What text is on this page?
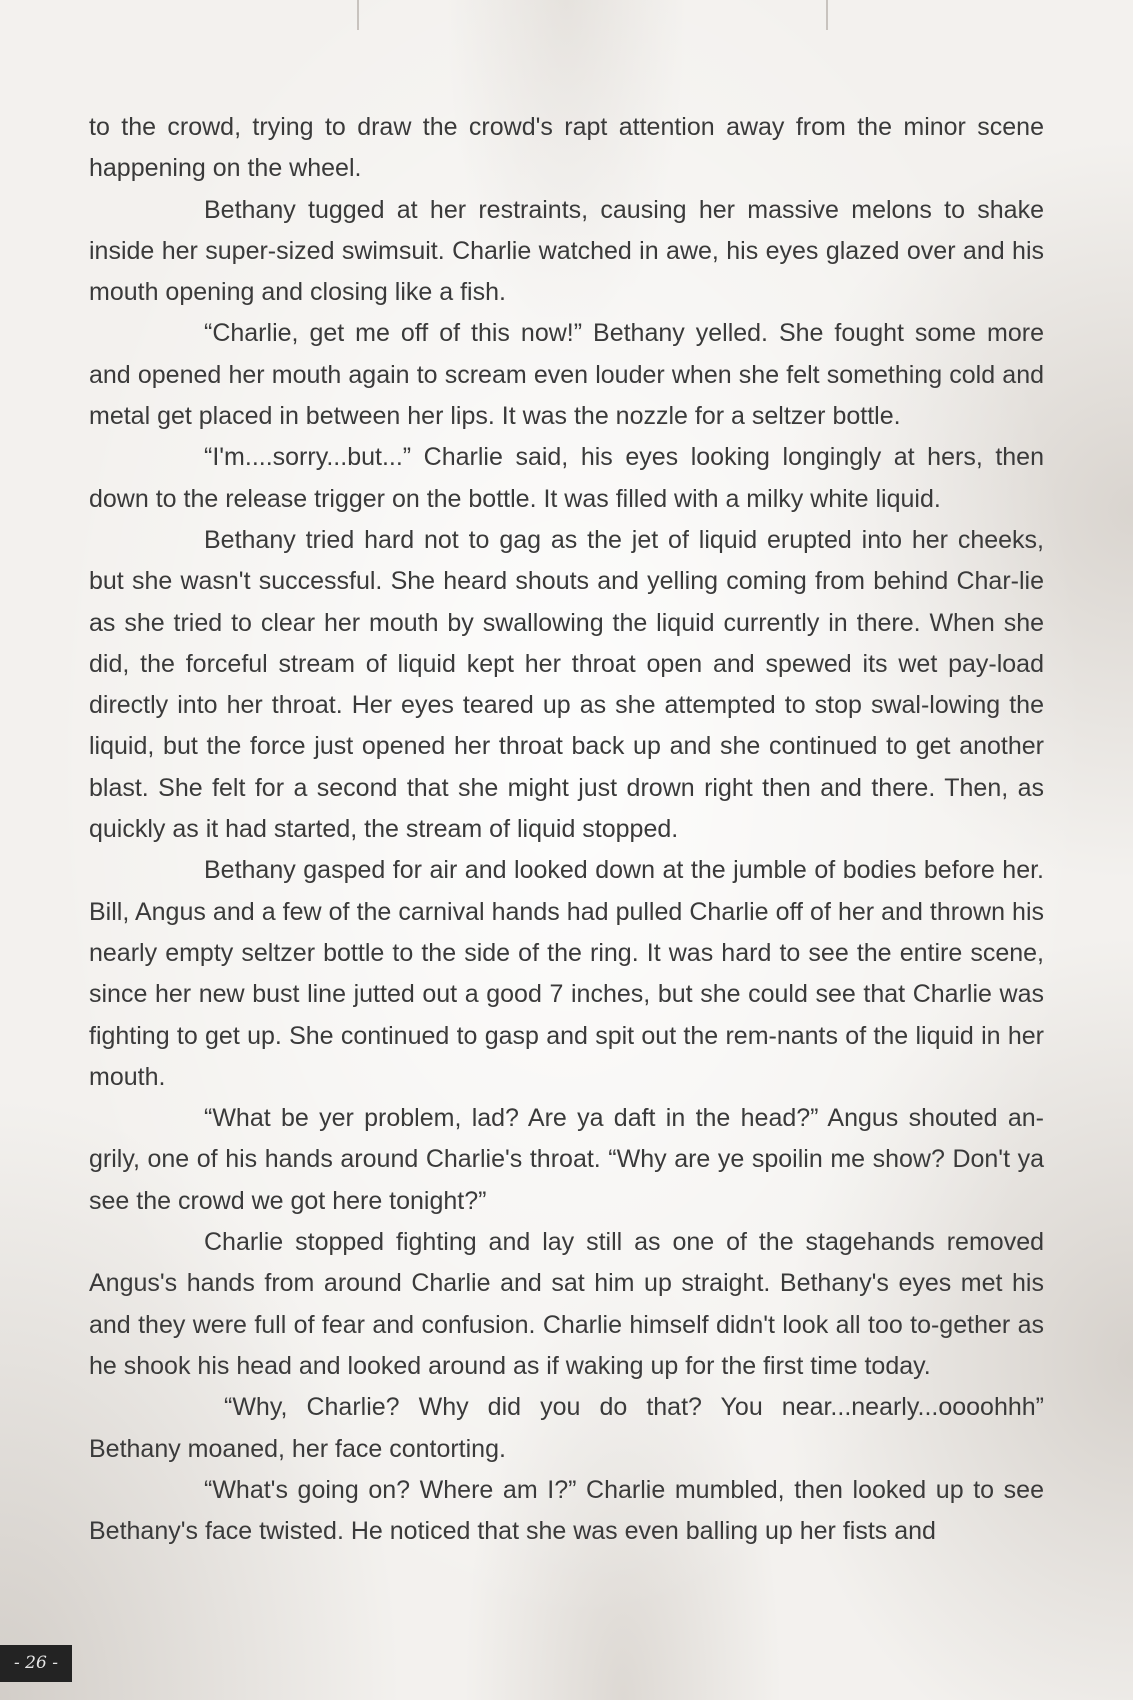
to the crowd, trying to draw the crowd's rapt attention away from the minor scene happening on the wheel.

Bethany tugged at her restraints, causing her massive melons to shake inside her super-sized swimsuit. Charlie watched in awe, his eyes glazed over and his mouth opening and closing like a fish.

“Charlie, get me off of this now!” Bethany yelled. She fought some more and opened her mouth again to scream even louder when she felt something cold and metal get placed in between her lips. It was the nozzle for a seltzer bottle.

“I'm....sorry...but...” Charlie said, his eyes looking longingly at hers, then down to the release trigger on the bottle. It was filled with a milky white liquid.

Bethany tried hard not to gag as the jet of liquid erupted into her cheeks, but she wasn't successful. She heard shouts and yelling coming from behind Char-lie as she tried to clear her mouth by swallowing the liquid currently in there. When she did, the forceful stream of liquid kept her throat open and spewed its wet pay-load directly into her throat. Her eyes teared up as she attempted to stop swal-lowing the liquid, but the force just opened her throat back up and she continued to get another blast. She felt for a second that she might just drown right then and there. Then, as quickly as it had started, the stream of liquid stopped.

Bethany gasped for air and looked down at the jumble of bodies before her. Bill, Angus and a few of the carnival hands had pulled Charlie off of her and thrown his nearly empty seltzer bottle to the side of the ring. It was hard to see the entire scene, since her new bust line jutted out a good 7 inches, but she could see that Charlie was fighting to get up. She continued to gasp and spit out the rem-nants of the liquid in her mouth.

“What be yer problem, lad? Are ya daft in the head?” Angus shouted an-grily, one of his hands around Charlie's throat. “Why are ye spoilin me show? Don't ya see the crowd we got here tonight?”

Charlie stopped fighting and lay still as one of the stagehands removed Angus's hands from around Charlie and sat him up straight. Bethany's eyes met his and they were full of fear and confusion. Charlie himself didn't look all too to-gether as he shook his head and looked around as if waking up for the first time today.

“Why, Charlie? Why did you do that? You near...nearly...oooohhh” Bethany moaned, her face contorting.

“What's going on? Where am I?” Charlie mumbled, then looked up to see Bethany's face twisted. He noticed that she was even balling up her fists and

- 26 -
